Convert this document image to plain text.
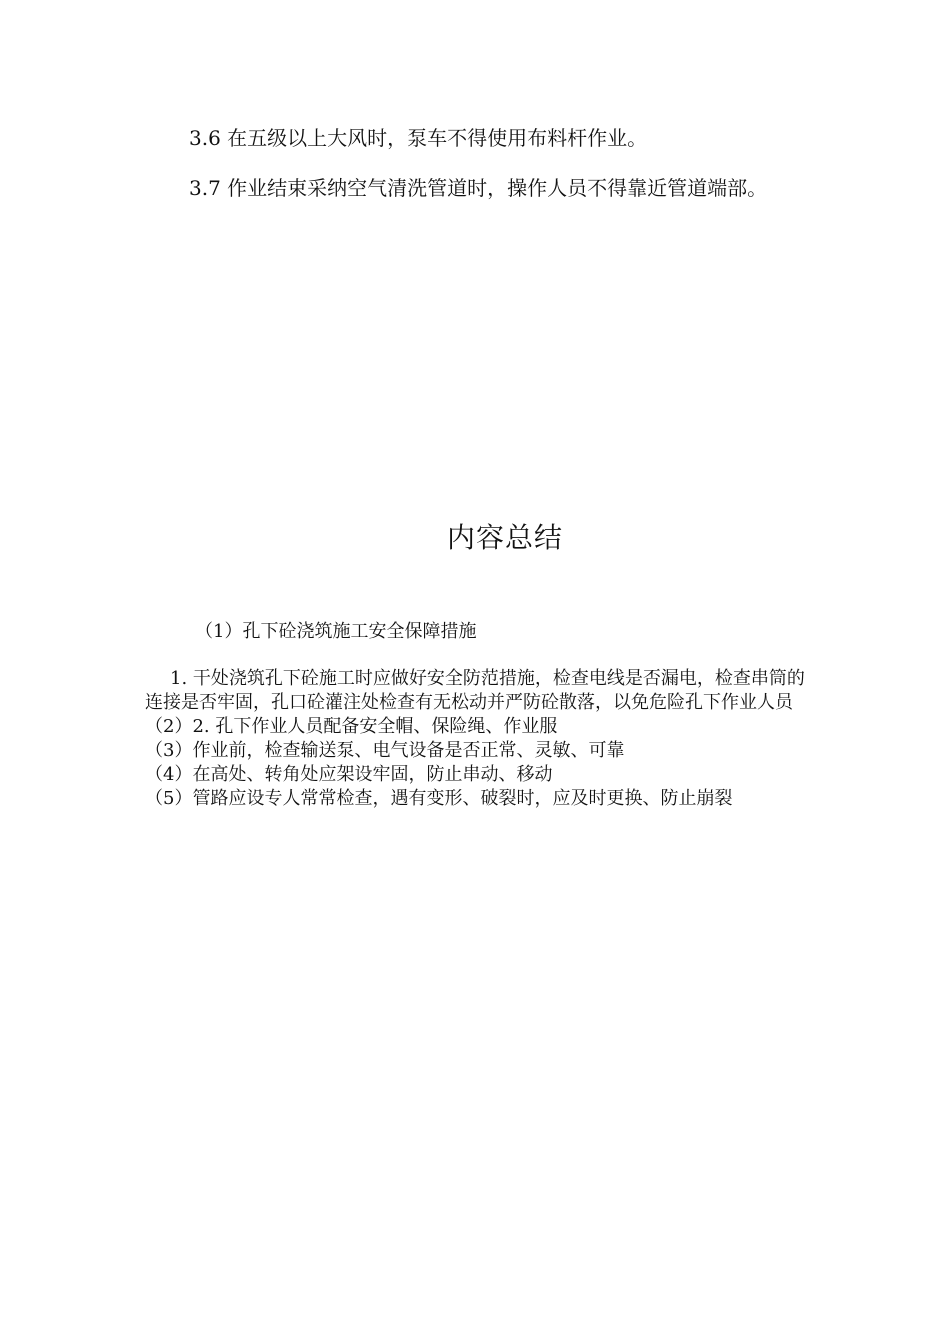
3.6 在五级以上大风时，泵车不得使用布料杆作业。

3.7 作业结束采纳空气清洗管道时，操作人员不得靠近管道端部。

内容总结
（1）孔下砼浇筑施工安全保障措施
1. 干处浇筑孔下砼施工时应做好安全防范措施，检查电线是否漏电，检查串筒的连接是否牢固，孔口砼灌注处检查有无松动并严防砼散落，以免危险孔下作业人员
（2）2. 孔下作业人员配备安全帽、保险绳、作业服
（3）作业前，检查输送泵、电气设备是否正常、灵敏、可靠
（4）在高处、转角处应架设牢固，防止串动、移动
（5）管路应设专人常常检查，遇有变形、破裂时，应及时更换、防止崩裂
